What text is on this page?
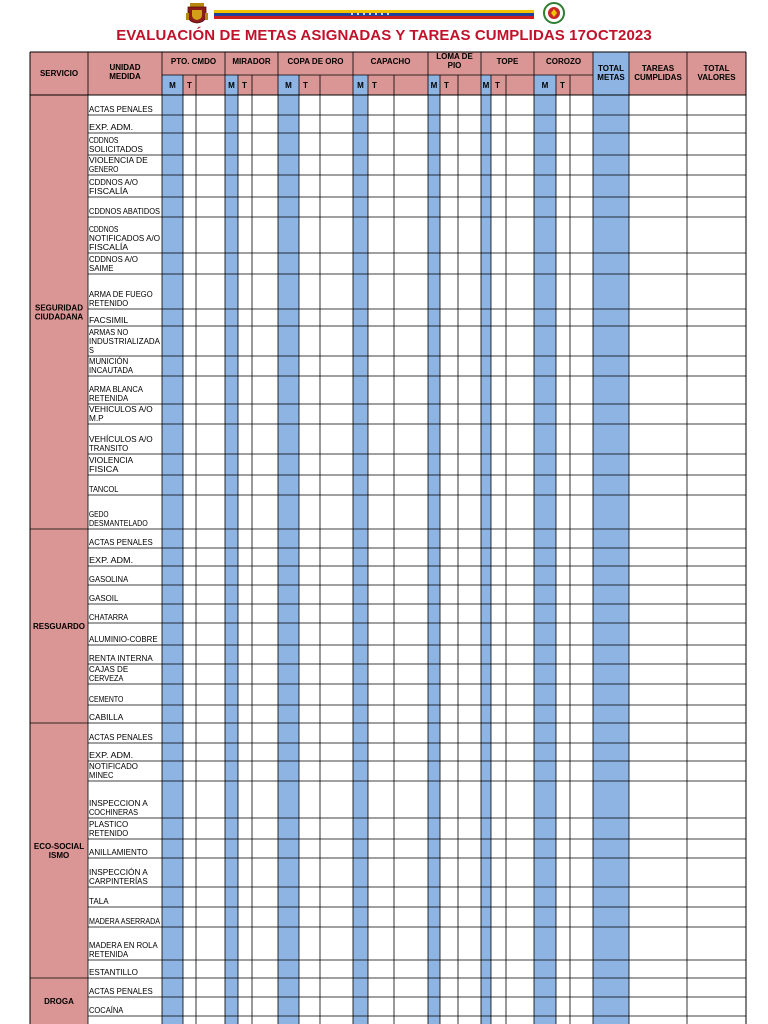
EVALUACIÓN DE METAS ASIGNADAS Y TAREAS CUMPLIDAS 17OCT2023
SERVICIO
UNIDAD
MEDIDA
PTO. CMDO
M T
MIRADOR
M T
COPA DE ORO
M T
CAPACHO
M T
LOMA DE
PIO
M T
TOPE
M T
COROZO
M T
TOTAL
METAS
TAREAS
CUMPLIDAS
TOTAL
VALORES
SEGURIDAD
CIUDADANA
ACTAS PENALES
EXP. ADM.
CDDNOS
SOLICITADOS
VIOLENCIA DE
GENERO
CDDNOS A/O
FISCALÍA
CDDNOS ABATIDOS
CDDNOS
NOTIFICADOS A/O
FISCALÍA
CDDNOS A/O
SAIME
ARMA DE FUEGO
RETENIDO
FACSIMIL
ARMAS NO
INDUSTRIALIZADA
S
MUNICIÓN
INCAUTADA
ARMA BLANCA
RETENIDA
VEHICULOS A/O
M.P
VEHÍCULOS A/O
TRANSITO
VIOLENCIA
FISICA
TANCOL
GEDO
DESMANTELADO
RESGUARDO
ACTAS PENALES
EXP. ADM.
GASOLINA
GASOIL
CHATARRA
ALUMINIO-COBRE
RENTA INTERNA
CAJAS DE
CERVEZA
CEMENTO
CABILLA
ECO-SOCIAL
ISMO
ACTAS PENALES
EXP. ADM.
NOTIFICADO
MINEC
INSPECCION A
COCHINERAS
PLASTICO
RETENIDO
ANILLAMIENTO
INSPECCIÓN A
CARPINTERÍAS
TALA
MADERA ASERRADA
MADERA EN ROLA
RETENIDA
ESTANTILLO
DROGA
ACTAS PENALES
COCAÍNA
